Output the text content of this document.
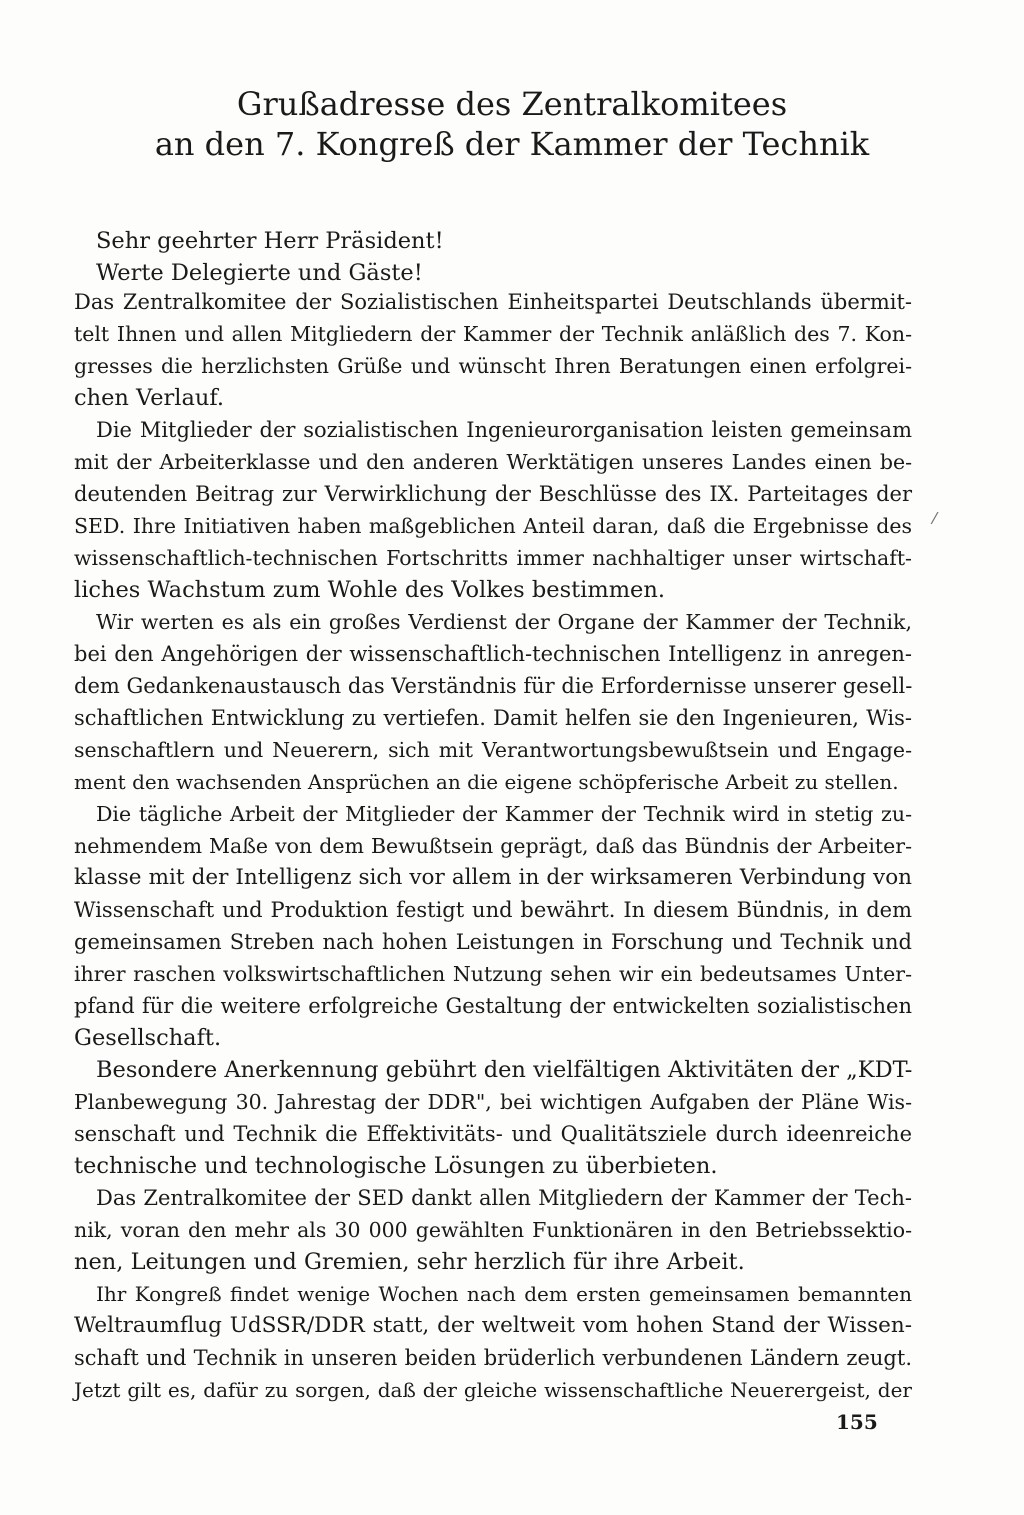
Grußadresse des Zentralkomitees
an den 7. Kongreß der Kammer der Technik
Sehr geehrter Herr Präsident!
Werte Delegierte und Gäste!
Das Zentralkomitee der Sozialistischen Einheitspartei Deutschlands übermit-
telt Ihnen und allen Mitgliedern der Kammer der Technik anläßlich des 7. Kon-
gresses die herzlichsten Grüße und wünscht Ihren Beratungen einen erfolgrei-
chen Verlauf.
Die Mitglieder der sozialistischen Ingenieurorganisation leisten gemeinsam
mit der Arbeiterklasse und den anderen Werktätigen unseres Landes einen be-
deutenden Beitrag zur Verwirklichung der Beschlüsse des IX. Parteitages der
SED. Ihre Initiativen haben maßgeblichen Anteil daran, daß die Ergebnisse des
wissenschaftlich-technischen Fortschritts immer nachhaltiger unser wirtschaft-
liches Wachstum zum Wohle des Volkes bestimmen.
Wir werten es als ein großes Verdienst der Organe der Kammer der Technik,
bei den Angehörigen der wissenschaftlich-technischen Intelligenz in anregen-
dem Gedankenaustausch das Verständnis für die Erfordernisse unserer gesell-
schaftlichen Entwicklung zu vertiefen. Damit helfen sie den Ingenieuren, Wis-
senschaftlern und Neuerern, sich mit Verantwortungsbewußtsein und Engage-
ment den wachsenden Ansprüchen an die eigene schöpferische Arbeit zu stellen.
Die tägliche Arbeit der Mitglieder der Kammer der Technik wird in stetig zu-
nehmendem Maße von dem Bewußtsein geprägt, daß das Bündnis der Arbeiter-
klasse mit der Intelligenz sich vor allem in der wirksameren Verbindung von
Wissenschaft und Produktion festigt und bewährt. In diesem Bündnis, in dem
gemeinsamen Streben nach hohen Leistungen in Forschung und Technik und
ihrer raschen volkswirtschaftlichen Nutzung sehen wir ein bedeutsames Unter-
pfand für die weitere erfolgreiche Gestaltung der entwickelten sozialistischen
Gesellschaft.
Besondere Anerkennung gebührt den vielfältigen Aktivitäten der „KDT-
Planbewegung 30. Jahrestag der DDR", bei wichtigen Aufgaben der Pläne Wis-
senschaft und Technik die Effektivitäts- und Qualitätsziele durch ideenreiche
technische und technologische Lösungen zu überbieten.
Das Zentralkomitee der SED dankt allen Mitgliedern der Kammer der Tech-
nik, voran den mehr als 30 000 gewählten Funktionären in den Betriebssektio-
nen, Leitungen und Gremien, sehr herzlich für ihre Arbeit.
Ihr Kongreß findet wenige Wochen nach dem ersten gemeinsamen bemannten
Weltraumflug UdSSR/DDR statt, der weltweit vom hohen Stand der Wissen-
schaft und Technik in unseren beiden brüderlich verbundenen Ländern zeugt.
Jetzt gilt es, dafür zu sorgen, daß der gleiche wissenschaftliche Neuerergeist, der
/
155
